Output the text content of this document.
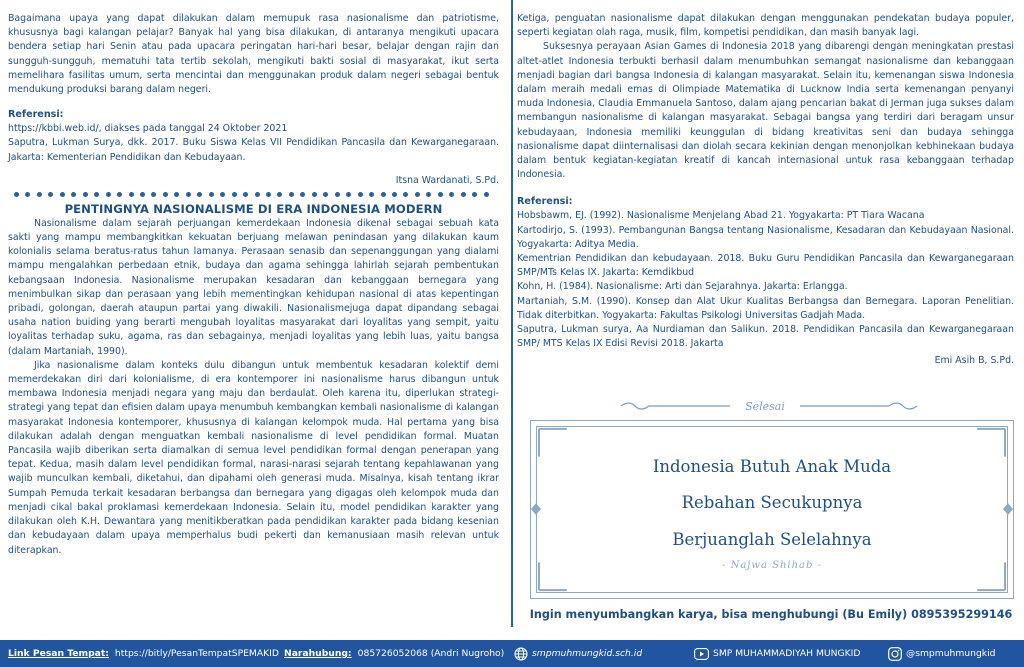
Bagaimana upaya yang dapat dilakukan dalam memupuk rasa nasionalisme dan patriotisme, khususnya bagi kalangan pelajar? Banyak hal yang bisa dilakukan, di antaranya mengikuti upacara bendera setiap hari Senin atau pada upacara peringatan hari-hari besar, belajar dengan rajin dan sungguh-sungguh, mematuhi tata tertib sekolah, mengikuti bakti sosial di masyarakat, ikut serta memelihara fasilitas umum, serta mencintai dan menggunakan produk dalam negeri sebagai bentuk mendukung produksi barang dalam negeri.

Referensi:

https://kbbi.web.id/, diakses pada tanggal 24 Oktober 2021

Saputra, Lukman Surya, dkk. 2017. Buku Siswa Kelas VII Pendidikan Pancasila dan Kewarganegaraan. Jakarta: Kementerian Pendidikan dan Kebudayaan.

Itsna Wardanati, S.Pd.
PENTINGNYA NASIONALISME DI ERA INDONESIA MODERN

Nasionalisme dalam sejarah perjuangan kemerdekaan Indonesia dikenal sebagai sebuah kata sakti yang mampu membangkitkan kekuatan berjuang melawan penindasan yang dilakukan kaum kolonialis selama beratus-ratus tahun lamanya. Perasaan senasib dan sepenanggungan yang dialami mampu mengalahkan perbedaan etnik, budaya dan agama sehingga lahirlah sejarah pembentukan kebangsaan Indonesia. Nasionalisme merupakan kesadaran dan kebanggaan bernegara yang menimbulkan sikap dan perasaan yang lebih mementingkan kehidupan nasional di atas kepentingan pribadi, golongan, daerah ataupun partai yang diwakili. Nasionalismejuga dapat dipandang sebagai usaha nation buiding yang berarti mengubah loyalitas masyarakat dari loyalitas yang sempit, yaitu loyalitas terhadap suku, agama, ras dan sebagainya, menjadi loyalitas yang lebih luas, yaitu bangsa (dalam Martaniah, 1990).

Jika nasionalisme dalam konteks dulu dibangun untuk membentuk kesadaran kolektif demi memerdekakan diri dari kolonialisme, di era kontemporer ini nasionalisme harus dibangun untuk membawa Indonesia menjadi negara yang maju dan berdaulat. Oleh karena itu, diperlukan strategi-strategi yang tepat dan efisien dalam upaya menumbuh kembangkan kembali nasionalisme di kalangan masyarakat Indonesia kontemporer, khususnya di kalangan kelompok muda. Hal pertama yang bisa dilakukan adalah dengan menguatkan kembali nasionalisme di level pendidikan formal. Muatan Pancasila wajib diberikan serta diamalkan di semua level pendidikan formal dengan penerapan yang tepat. Kedua, masih dalam level pendidikan formal, narasi-narasi sejarah tentang kepahlawanan yang wajib munculkan kembali, diketahui, dan dipahami oleh generasi muda. Misalnya, kisah tentang ikrar Sumpah Pemuda terkait kesadaran berbangsa dan bernegara yang digagas oleh kelompok muda dan menjadi cikal bakal proklamasi kemerdekaan Indonesia. Selain itu, model pendidikan karakter yang dilakukan oleh K.H. Dewantara yang menitikberatkan pada pendidikan karakter pada bidang kesenian dan kebudayaan dalam upaya memperhalus budi pekerti dan kemanusiaan masih relevan untuk diterapkan.

Ketiga, penguatan nasionalisme dapat dilakukan dengan menggunakan pendekatan budaya populer, seperti kegiatan olah raga, musik, film, kompetisi pendidikan, dan masih banyak lagi.

Suksesnya perayaan Asian Games di Indonesia 2018 yang dibarengi dengan meningkatan prestasi altet-atlet Indonesia terbukti berhasil dalam menumbuhkan semangat nasionalisme dan kebanggaan menjadi bagian dari bangsa Indonesia di kalangan masyarakat. Selain itu, kemenangan siswa Indonesia dalam meraih medali emas di Olimpiade Matematika di Lucknow India serta kemenangan penyanyi muda Indonesia, Claudia Emmanuela Santoso, dalam ajang pencarian bakat di Jerman juga sukses dalam membangun nasionalisme di kalangan masyarakat. Sebagai bangsa yang terdiri dari beragam unsur kebudayaan, Indonesia memiliki keunggulan di bidang kreativitas seni dan budaya sehingga nasionalisme dapat diinternalisasi dan diolah secara kekinian dengan menonjolkan kebhinekaan budaya dalam bentuk kegiatan-kegiatan kreatif di kancah internasional untuk rasa kebanggaan terhadap Indonesia.

Referensi:

Hobsbawm, EJ. (1992). Nasionalisme Menjelang Abad 21. Yogyakarta: PT Tiara Wacana

Kartodirjo, S. (1993). Pembangunan Bangsa tentang Nasionalisme, Kesadaran dan Kebudayaan Nasional. Yogyakarta: Aditya Media.

Kementrian Pendidikan dan kebudayaan. 2018. Buku Guru Pendidikan Pancasila dan Kewarganegaraan SMP/MTs Kelas IX. Jakarta: Kemdikbud

Kohn, H. (1984). Nasionalisme: Arti dan Sejarahnya. Jakarta: Erlangga.

Martaniah, S.M. (1990). Konsep dan Alat Ukur Kualitas Berbangsa dan Bernegara. Laporan Penelitian. Tidak diterbitkan. Yogyakarta: Fakultas Psikologi Universitas Gadjah Mada.

Saputra, Lukman surya, Aa Nurdiaman dan Salikun. 2018. Pendidikan Pancasila dan Kewarganegaraan SMP/ MTS Kelas IX Edisi Revisi 2018. Jakarta

Emi Asih B, S.Pd.
Selesai
Indonesia Butuh Anak Muda
Rebahan Secukupnya
Berjuanglah Selelahnya
- Najwa Shihab -
Ingin menyumbangkan karya, bisa menghubungi (Bu Emily) 0895395299146
Link Pesan Tempat: https://bitly/PesanTempatSPEMAKID Narahubung: 085726052068 (Andri Nugroho)	smpmuhmungkid.sch.id	SMP MUHAMMADIYAH MUNGKID	@smpmuhmungkid
